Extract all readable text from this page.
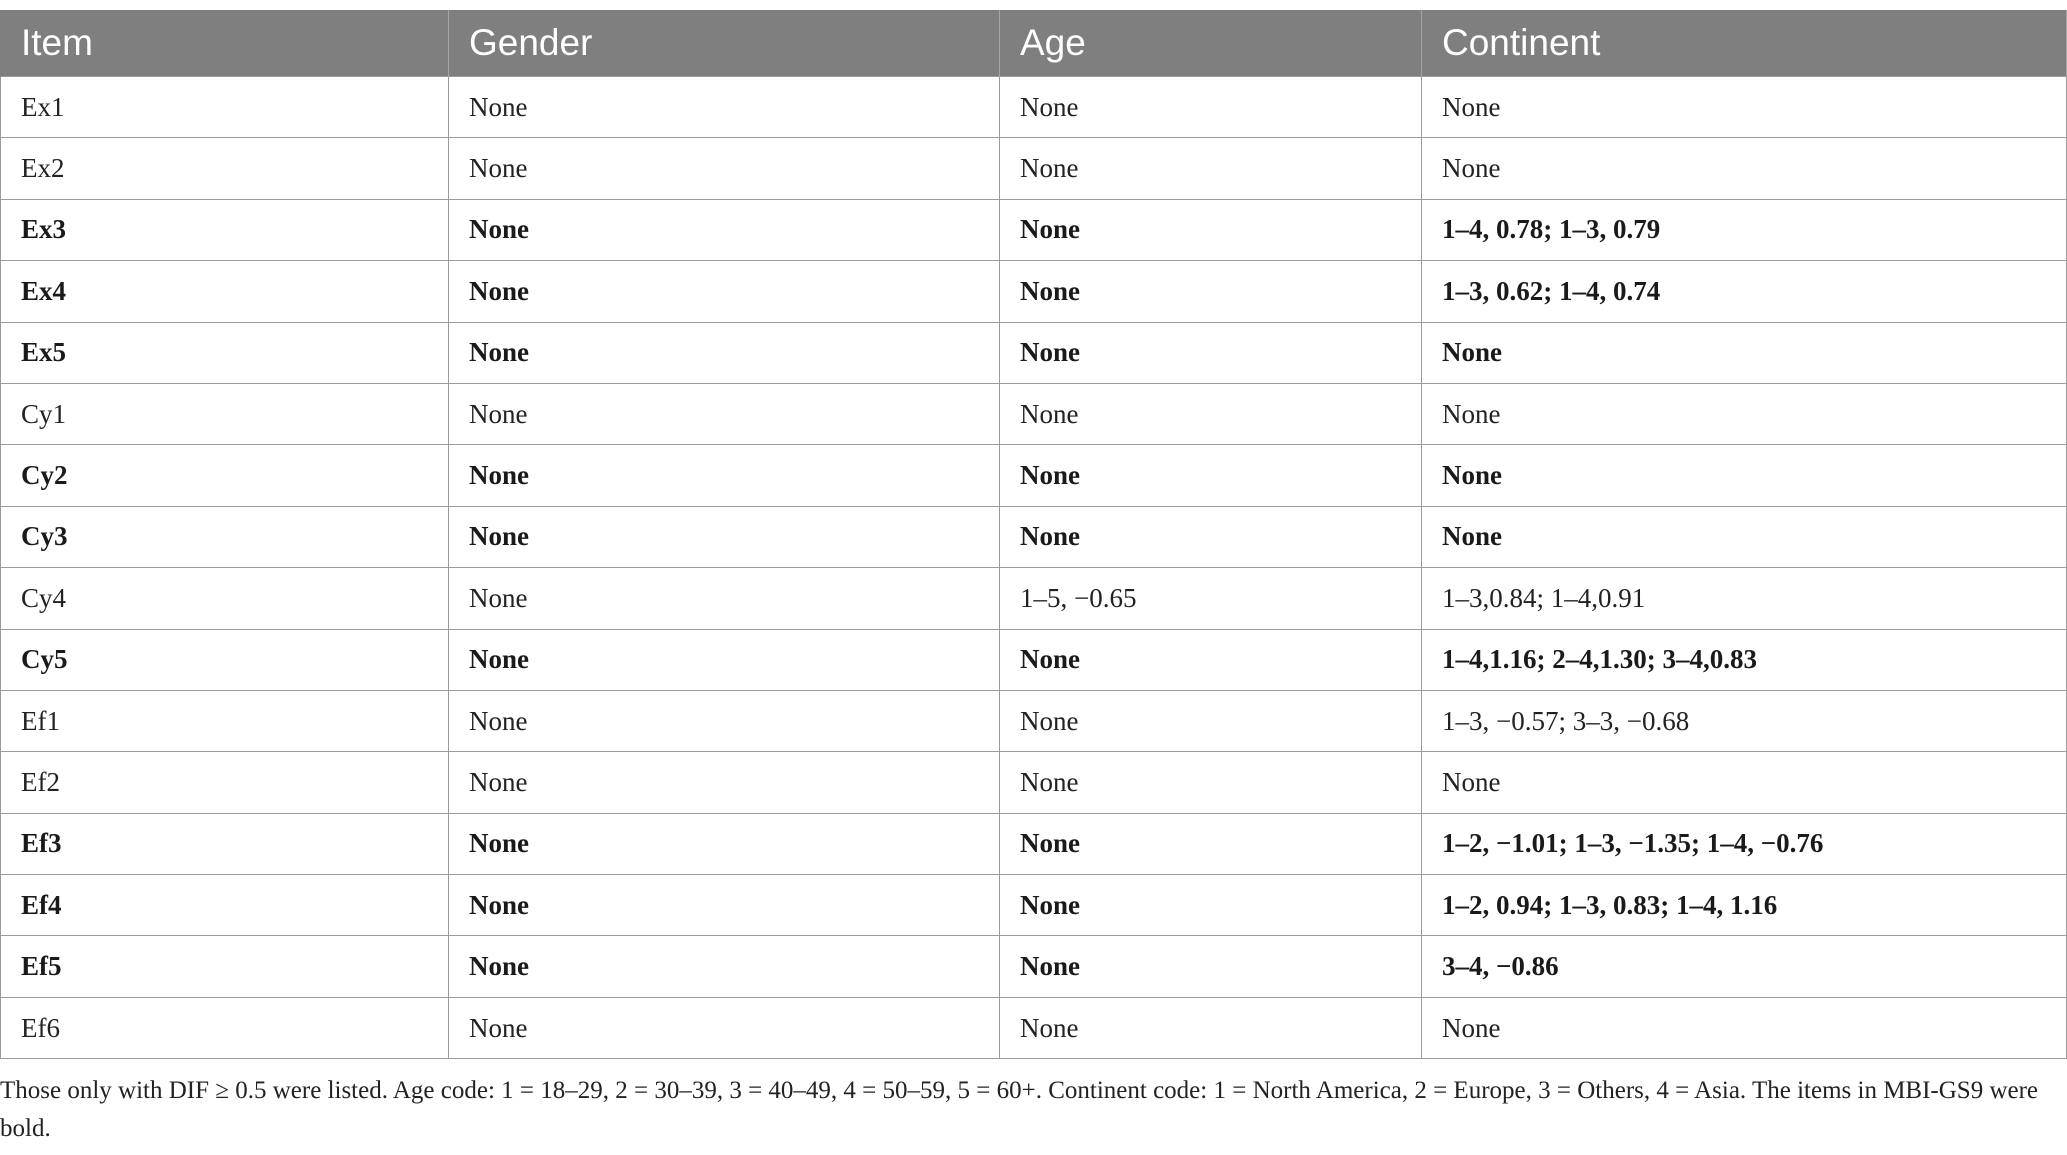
Item	Gender	Age	Continent
Ex1	None	None	None
Ex2	None	None	None
Ex3	None	None	1–4, 0.78; 1–3, 0.79
Ex4	None	None	1–3, 0.62; 1–4, 0.74
Ex5	None	None	None
Cy1	None	None	None
Cy2	None	None	None
Cy3	None	None	None
Cy4	None	1–5, −0.65	1–3,0.84; 1–4,0.91
Cy5	None	None	1–4,1.16; 2–4,1.30; 3–4,0.83
Ef1	None	None	1–3, −0.57; 3–3, −0.68
Ef2	None	None	None
Ef3	None	None	1–2, −1.01; 1–3, −1.35; 1–4, −0.76
Ef4	None	None	1–2, 0.94; 1–3, 0.83; 1–4, 1.16
Ef5	None	None	3–4, −0.86
Ef6	None	None	None
Those only with DIF ≥ 0.5 were listed. Age code: 1 = 18–29, 2 = 30–39, 3 = 40–49, 4 = 50–59, 5 = 60+. Continent code: 1 = North America, 2 = Europe, 3 = Others, 4 = Asia. The items in MBI-GS9 were bold.
